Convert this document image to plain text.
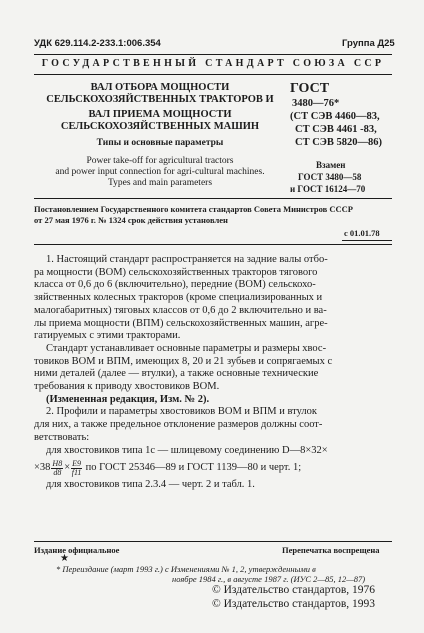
УДК 629.114.2-233.1:006.354	Группа Д25
ГОСУДАРСТВЕННЫЙ СТАНДАРТ СОЮЗА ССР
ВАЛ ОТБОРА МОЩНОСТИ
СЕЛЬСКОХОЗЯЙСТВЕННЫХ ТРАКТОРОВ И
ВАЛ ПРИЕМА МОЩНОСТИ
СЕЛЬСКОХОЗЯЙСТВЕННЫХ МАШИН
Типы и основные параметры
Power take-off for agricultural tractors
and power input connection for agri-cultural machines.
Types and main parameters
ГОСТ
3480—76*
(СТ СЭВ 4460—83,
СТ СЭВ 4461 -83,
СТ СЭВ 5820—86)
Взамен
ГОСТ 3480—58
и ГОСТ 16124—70
Постановлением Государственного комитета стандартов Совета Министров СССР
от 27 мая 1976 г. № 1324 срок действия установлен
с 01.01.78
1. Настоящий стандарт распространяется на задние валы отбо-
ра мощности (ВОМ) сельскохозяйственных тракторов тягового
класса от 0,6 до 6 (включительно), передние (ВОМ) сельскохо-
зяйственных колесных тракторов (кроме специализированных и
малогабаритных) тяговых классов от 0,6 до 2 включительно и ва-
лы приема мощности (ВПМ) сельскохозяйственных машин, агре-
гатируемых с этими тракторами.
Стандарт устанавливает основные параметры и размеры хвос-
товиков ВОМ и ВПМ, имеющих 8, 20 и 21 зубьев и сопрягаемых с
ними деталей (далее — втулки), а также основные технические
требования к приводу хвостовиков ВОМ.
(Измененная редакция, Изм. № 2).
2. Профили и параметры хвостовиков ВОМ и ВПМ и втулок
для них, а также предельное отклонение размеров должны соот-
ветствовать:
для хвостовиков типа 1с — шлицевому соединению D—8×32×
$\times 38 \frac{H8}{d8} \times \frac{E9}{f11}$ по ГОСТ 25346—89 и ГОСТ 1139—80 и черт. 1;
для хвостовиков типа 2.3.4 — черт. 2 и табл. 1.
Издание официальное	Перепечатка воспрещена
★
* Переиздание (март 1993 г.) с Изменениями № 1, 2, утвержденными в
ноябре 1984 г., в августе 1987 г. (ИУС 2—85, 12—87)
© Издательство стандартов, 1976
© Издательство стандартов, 1993
